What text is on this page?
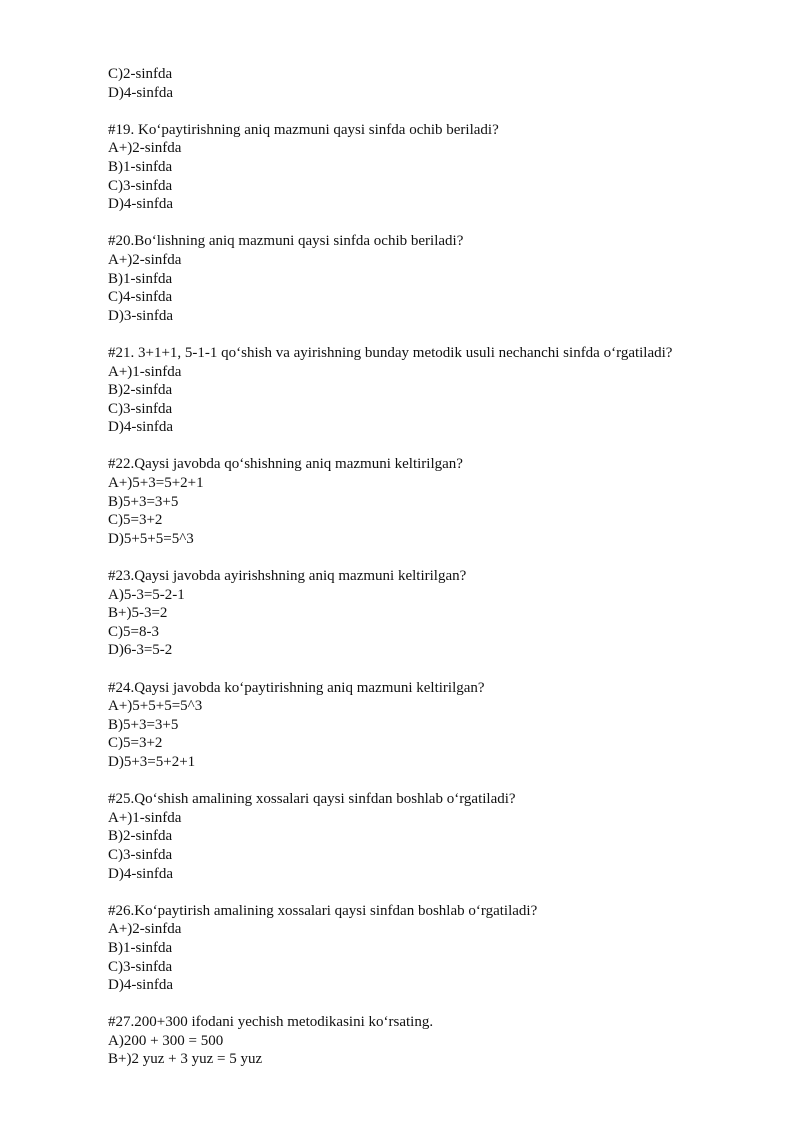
C)2-sinfda
D)4-sinfda
#19. Ko‘paytirishning aniq mazmuni qaysi sinfda ochib beriladi?
A+)2-sinfda
B)1-sinfda
C)3-sinfda
D)4-sinfda
#20.Bo‘lishning aniq mazmuni qaysi sinfda ochib beriladi?
A+)2-sinfda
B)1-sinfda
C)4-sinfda
D)3-sinfda
#21. 3+1+1, 5-1-1 qo‘shish va ayirishning bunday metodik usuli nechanchi sinfda o‘rgatiladi?
A+)1-sinfda
B)2-sinfda
C)3-sinfda
D)4-sinfda
#22.Qaysi javobda qo‘shishning aniq mazmuni keltirilgan?
A+)5+3=5+2+1
B)5+3=3+5
C)5=3+2
D)5+5+5=5^3
#23.Qaysi javobda ayirishshning aniq mazmuni keltirilgan?
A)5-3=5-2-1
B+)5-3=2
C)5=8-3
D)6-3=5-2
#24.Qaysi javobda ko‘paytirishning aniq mazmuni keltirilgan?
A+)5+5+5=5^3
B)5+3=3+5
C)5=3+2
D)5+3=5+2+1
#25.Qo‘shish amalining xossalari qaysi sinfdan boshlab o‘rgatiladi?
A+)1-sinfda
B)2-sinfda
C)3-sinfda
D)4-sinfda
#26.Ko‘paytirish amalining xossalari qaysi sinfdan boshlab o‘rgatiladi?
A+)2-sinfda
B)1-sinfda
C)3-sinfda
D)4-sinfda
#27.200+300 ifodani yechish metodikasini ko‘rsating.
A)200 + 300 = 500
B+)2 yuz + 3 yuz = 5 yuz
